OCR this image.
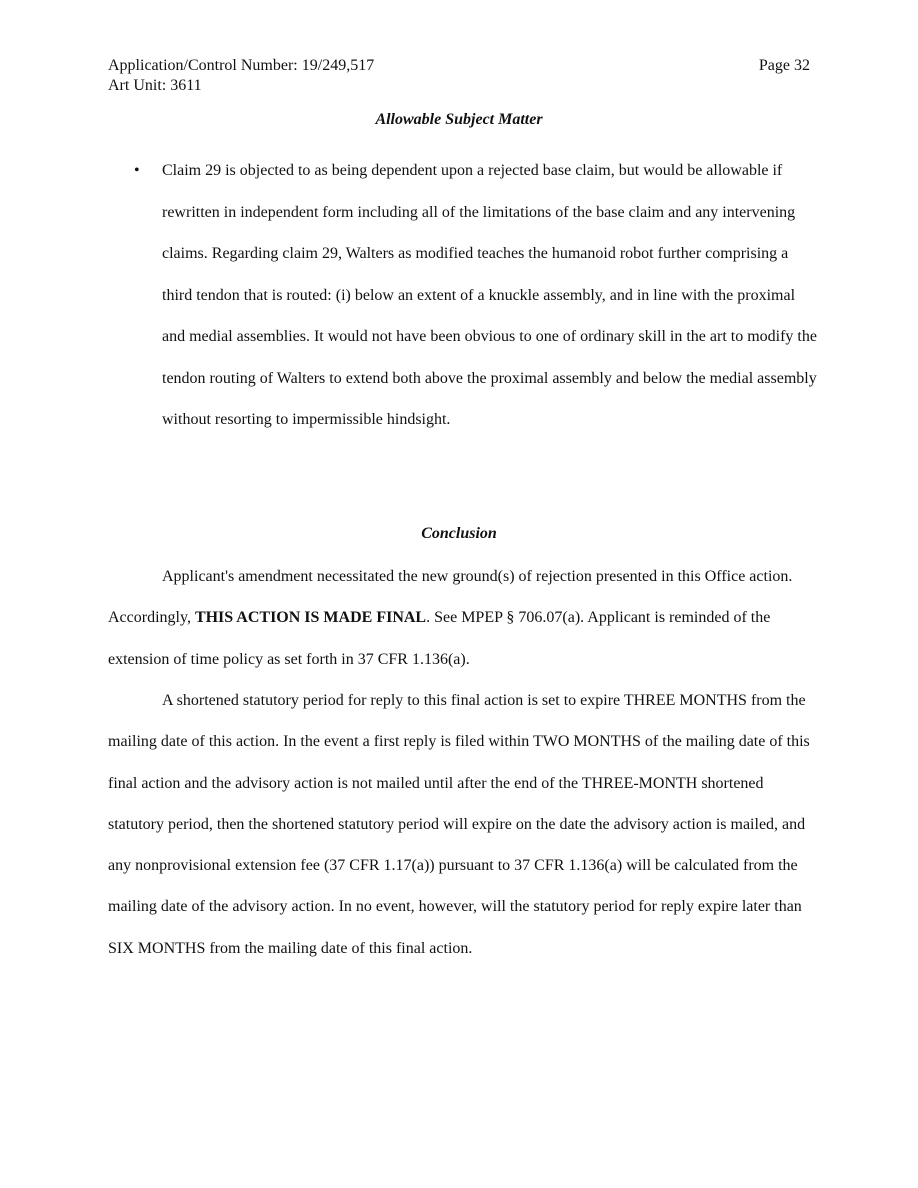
Application/Control Number: 19/249,517
Art Unit: 3611
Page 32
Allowable Subject Matter
• Claim 29 is objected to as being dependent upon a rejected base claim, but would be allowable if rewritten in independent form including all of the limitations of the base claim and any intervening claims. Regarding claim 29, Walters as modified teaches the humanoid robot further comprising a third tendon that is routed: (i) below an extent of a knuckle assembly, and in line with the proximal and medial assemblies. It would not have been obvious to one of ordinary skill in the art to modify the tendon routing of Walters to extend both above the proximal assembly and below the medial assembly without resorting to impermissible hindsight.

Conclusion

Applicant's amendment necessitated the new ground(s) of rejection presented in this Office action. Accordingly, THIS ACTION IS MADE FINAL. See MPEP § 706.07(a). Applicant is reminded of the extension of time policy as set forth in 37 CFR 1.136(a).

A shortened statutory period for reply to this final action is set to expire THREE MONTHS from the mailing date of this action. In the event a first reply is filed within TWO MONTHS of the mailing date of this final action and the advisory action is not mailed until after the end of the THREE-MONTH shortened statutory period, then the shortened statutory period will expire on the date the advisory action is mailed, and any nonprovisional extension fee (37 CFR 1.17(a)) pursuant to 37 CFR 1.136(a) will be calculated from the mailing date of the advisory action. In no event, however, will the statutory period for reply expire later than SIX MONTHS from the mailing date of this final action.
